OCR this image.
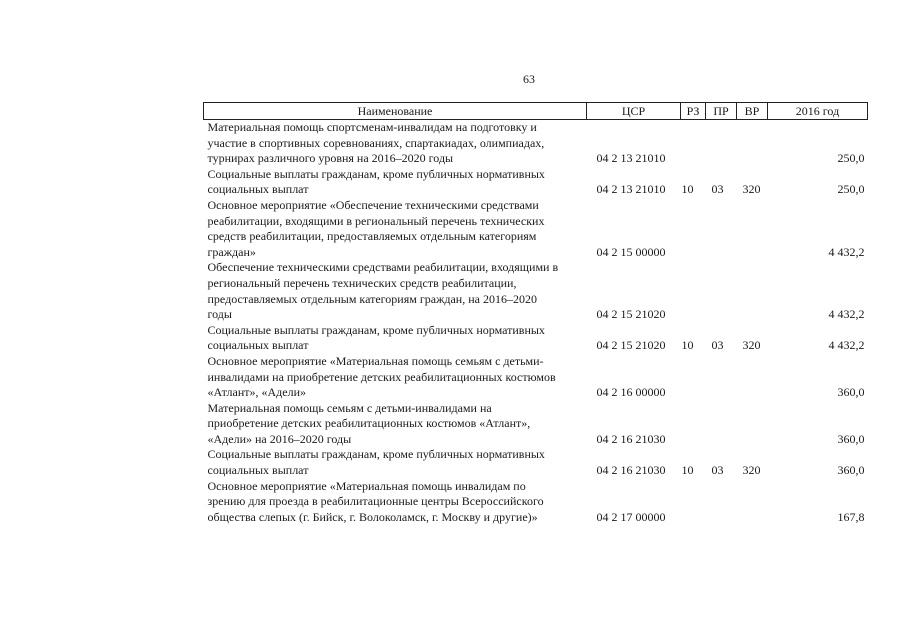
63
Наименование	ЦСР	РЗ	ПР	ВР	2016 год

Материальная помощь спортсменам-инвалидам на подготовку и
участие в спортивных соревнованиях, спартакиадах, олимпиадах,
турнирах различного уровня на 2016–2020 годы	04 2 13 21010				250,0

Социальные выплаты гражданам, кроме публичных нормативных
социальных выплат	04 2 13 21010	10	03	320	250,0

Основное мероприятие «Обеспечение техническими средствами
реабилитации, входящими в региональный перечень технических
средств реабилитации, предоставляемых отдельным категориям
граждан»	04 2 15 00000				4 432,2

Обеспечение техническими средствами реабилитации, входящими в
региональный перечень технических средств реабилитации,
предоставляемых отдельным категориям граждан, на 2016–2020
годы	04 2 15 21020				4 432,2

Социальные выплаты гражданам, кроме публичных нормативных
социальных выплат	04 2 15 21020	10	03	320	4 432,2

Основное мероприятие «Материальная помощь семьям с детьми-
инвалидами на приобретение детских реабилитационных костюмов
«Атлант», «Адели»	04 2 16 00000				360,0

Материальная помощь семьям с детьми-инвалидами на
приобретение детских реабилитационных костюмов «Атлант»,
«Адели» на 2016–2020 годы	04 2 16 21030				360,0

Социальные выплаты гражданам, кроме публичных нормативных
социальных выплат	04 2 16 21030	10	03	320	360,0

Основное мероприятие «Материальная помощь инвалидам по
зрению для проезда в реабилитационные центры Всероссийского
общества слепых (г. Бийск, г. Волоколамск, г. Москву и другие)»	04 2 17 00000				167,8
